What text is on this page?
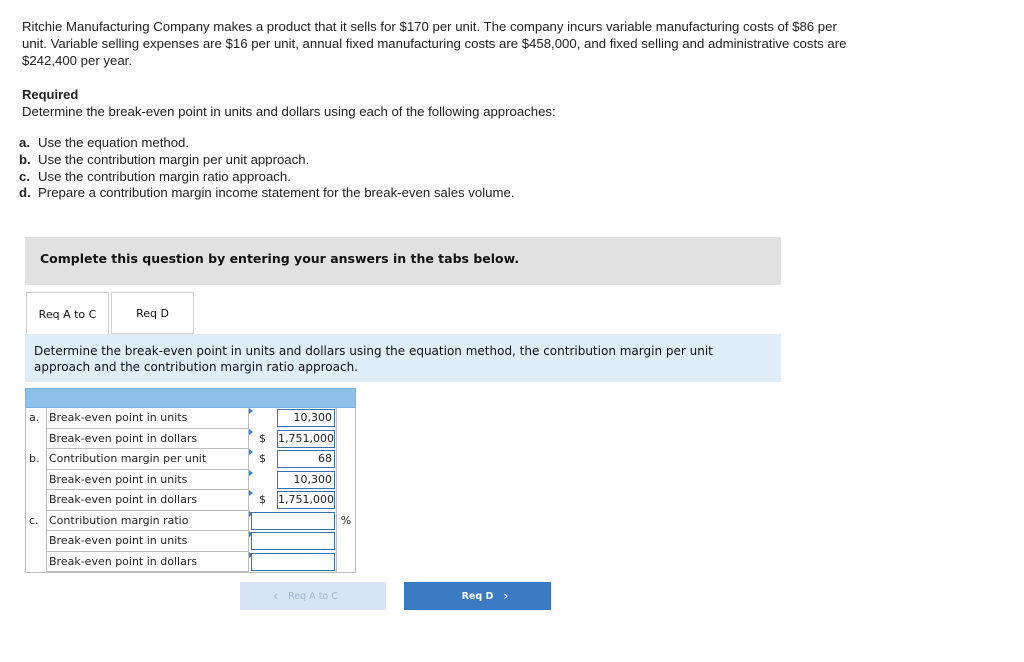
Ritchie Manufacturing Company makes a product that it sells for $170 per unit. The company incurs variable manufacturing costs of $86 per unit. Variable selling expenses are $16 per unit, annual fixed manufacturing costs are $458,000, and fixed selling and administrative costs are $242,400 per year.
Required
Determine the break-even point in units and dollars using each of the following approaches:
a. Use the equation method.
b. Use the contribution margin per unit approach.
c. Use the contribution margin ratio approach.
d. Prepare a contribution margin income statement for the break-even sales volume.
Complete this question by entering your answers in the tabs below.
Req A to C	Req D
Determine the break-even point in units and dollars using the equation method, the contribution margin per unit approach and the contribution margin ratio approach.
a. Break-even point in units	10,300
Break-even point in dollars	$ 1,751,000
b. Contribution margin per unit	$	68
Break-even point in units	10,300
Break-even point in dollars	$ 1,751,000
c. Contribution margin ratio	%
Break-even point in units
Break-even point in dollars
‹ Req A to C	Req D ›
